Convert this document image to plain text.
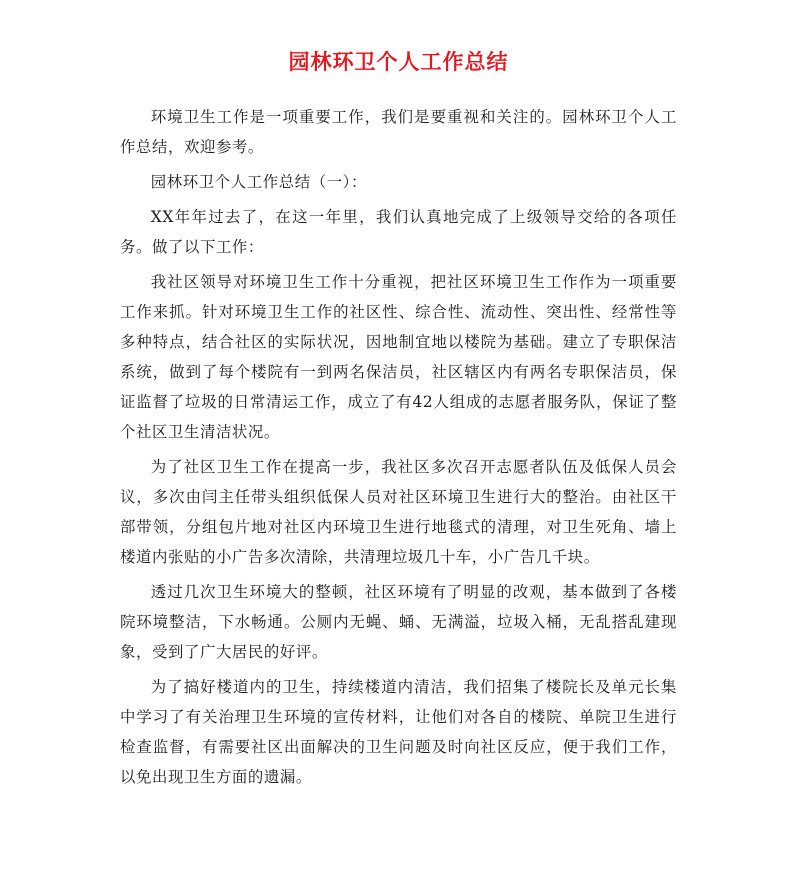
园林环卫个人工作总结

环境卫生工作是一项重要工作，我们是要重视和关注的。园林环卫个人工作总结，欢迎参考。

园林环卫个人工作总结（一）：

XX年年过去了，在这一年里，我们认真地完成了上级领导交给的各项任务。做了以下工作：

我社区领导对环境卫生工作十分重视，把社区环境卫生工作作为一项重要工作来抓。针对环境卫生工作的社区性、综合性、流动性、突出性、经常性等多种特点，结合社区的实际状况，因地制宜地以楼院为基础。建立了专职保洁系统，做到了每个楼院有一到两名保洁员，社区辖区内有两名专职保洁员，保证监督了垃圾的日常清运工作，成立了有42人组成的志愿者服务队，保证了整个社区卫生清洁状况。

为了社区卫生工作在提高一步，我社区多次召开志愿者队伍及低保人员会议，多次由闫主任带头组织低保人员对社区环境卫生进行大的整治。由社区干部带领，分组包片地对社区内环境卫生进行地毯式的清理，对卫生死角、墙上楼道内张贴的小广告多次清除，共清理垃圾几十车，小广告几千块。

透过几次卫生环境大的整顿，社区环境有了明显的改观，基本做到了各楼院环境整洁，下水畅通。公厕内无蝇、蛹、无满溢，垃圾入桶，无乱搭乱建现象，受到了广大居民的好评。

为了搞好楼道内的卫生，持续楼道内清洁，我们招集了楼院长及单元长集中学习了有关治理卫生环境的宣传材料，让他们对各自的楼院、单院卫生进行检查监督，有需要社区出面解决的卫生问题及时向社区反应，便于我们工作，以免出现卫生方面的遗漏。
